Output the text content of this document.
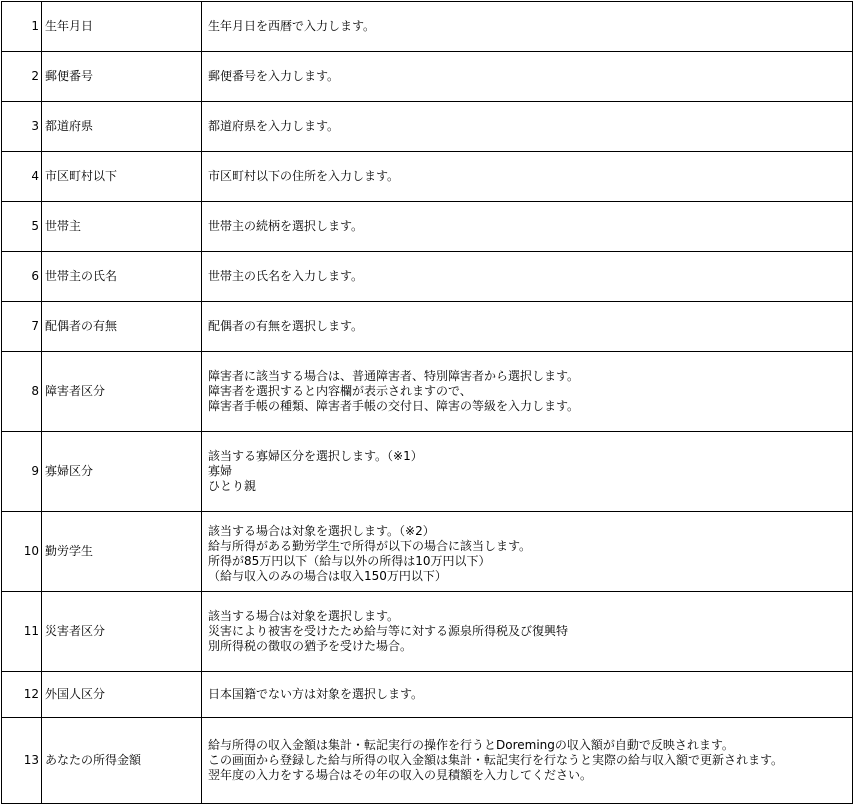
1	生年月日	生年月日を西暦で入力します。

2	郵便番号	郵便番号を入力します。

3	都道府県	都道府県を入力します。

4	市区町村以下	市区町村以下の住所を入力します。

5	世帯主	世帯主の続柄を選択します。

6	世帯主の氏名	世帯主の氏名を入力します。

7	配偶者の有無	配偶者の有無を選択します。

8	障害者区分	障害者に該当する場合は、普通障害者、特別障害者から選択します。
障害者を選択すると内容欄が表示されますので、
障害者手帳の種類、障害者手帳の交付日、障害の等級を入力します。

9	寡婦区分	該当する寡婦区分を選択します。（※1）
寡婦
ひとり親

10	勤労学生	該当する場合は対象を選択します。（※2）
給与所得がある勤労学生で所得が以下の場合に該当します。
所得が85万円以下（給与以外の所得は10万円以下）
（給与収入のみの場合は収入150万円以下）

11	災害者区分	該当する場合は対象を選択します。
災害により被害を受けたため給与等に対する源泉所得税及び復興特
別所得税の徴収の猶予を受けた場合。

12	外国人区分	日本国籍でない方は対象を選択します。

13	あなたの所得金額	給与所得の収入金額は集計・転記実行の操作を行うとDoremingの収入額が自動で反映されます。
この画面から登録した給与所得の収入金額は集計・転記実行を行なうと実際の給与収入額で更新されます。
翌年度の入力をする場合はその年の収入の見積額を入力してください。
